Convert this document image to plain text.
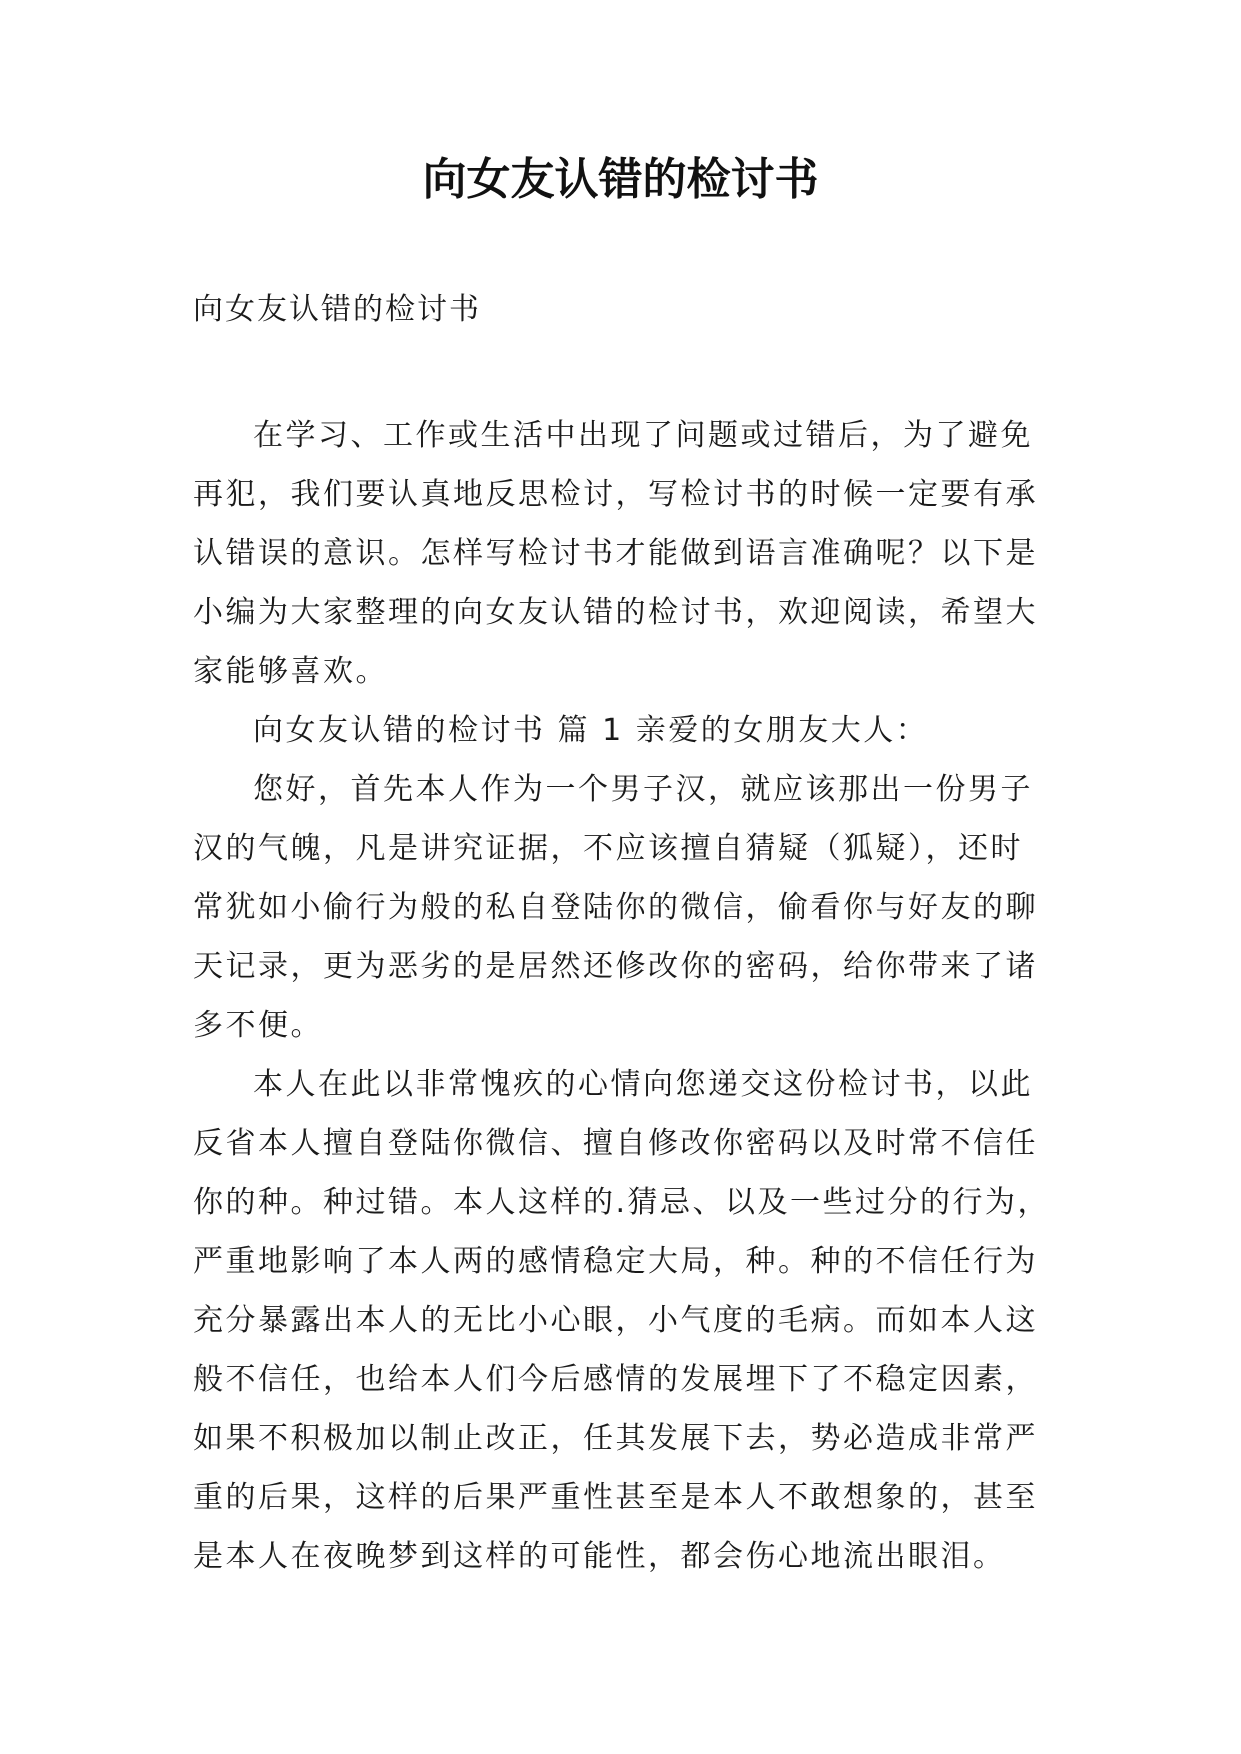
向女友认错的检讨书

向女友认错的检讨书

在学习、工作或生活中出现了问题或过错后，为了避免
再犯，我们要认真地反思检讨，写检讨书的时候一定要有承
认错误的意识。怎样写检讨书才能做到语言准确呢？以下是
小编为大家整理的向女友认错的检讨书，欢迎阅读，希望大
家能够喜欢。

向女友认错的检讨书 篇 1 亲爱的女朋友大人：

您好，首先本人作为一个男子汉，就应该那出一份男子
汉的气魄，凡是讲究证据，不应该擅自猜疑（狐疑），还时
常犹如小偷行为般的私自登陆你的微信，偷看你与好友的聊
天记录，更为恶劣的是居然还修改你的密码，给你带来了诸
多不便。

本人在此以非常愧疚的心情向您递交这份检讨书，以此
反省本人擅自登陆你微信、擅自修改你密码以及时常不信任
你的种。种过错。本人这样的.猜忌、以及一些过分的行为，
严重地影响了本人两的感情稳定大局，种。种的不信任行为
充分暴露出本人的无比小心眼，小气度的毛病。而如本人这
般不信任，也给本人们今后感情的发展埋下了不稳定因素，
如果不积极加以制止改正，任其发展下去，势必造成非常严
重的后果，这样的后果严重性甚至是本人不敢想象的，甚至
是本人在夜晚梦到这样的可能性，都会伤心地流出眼泪。
